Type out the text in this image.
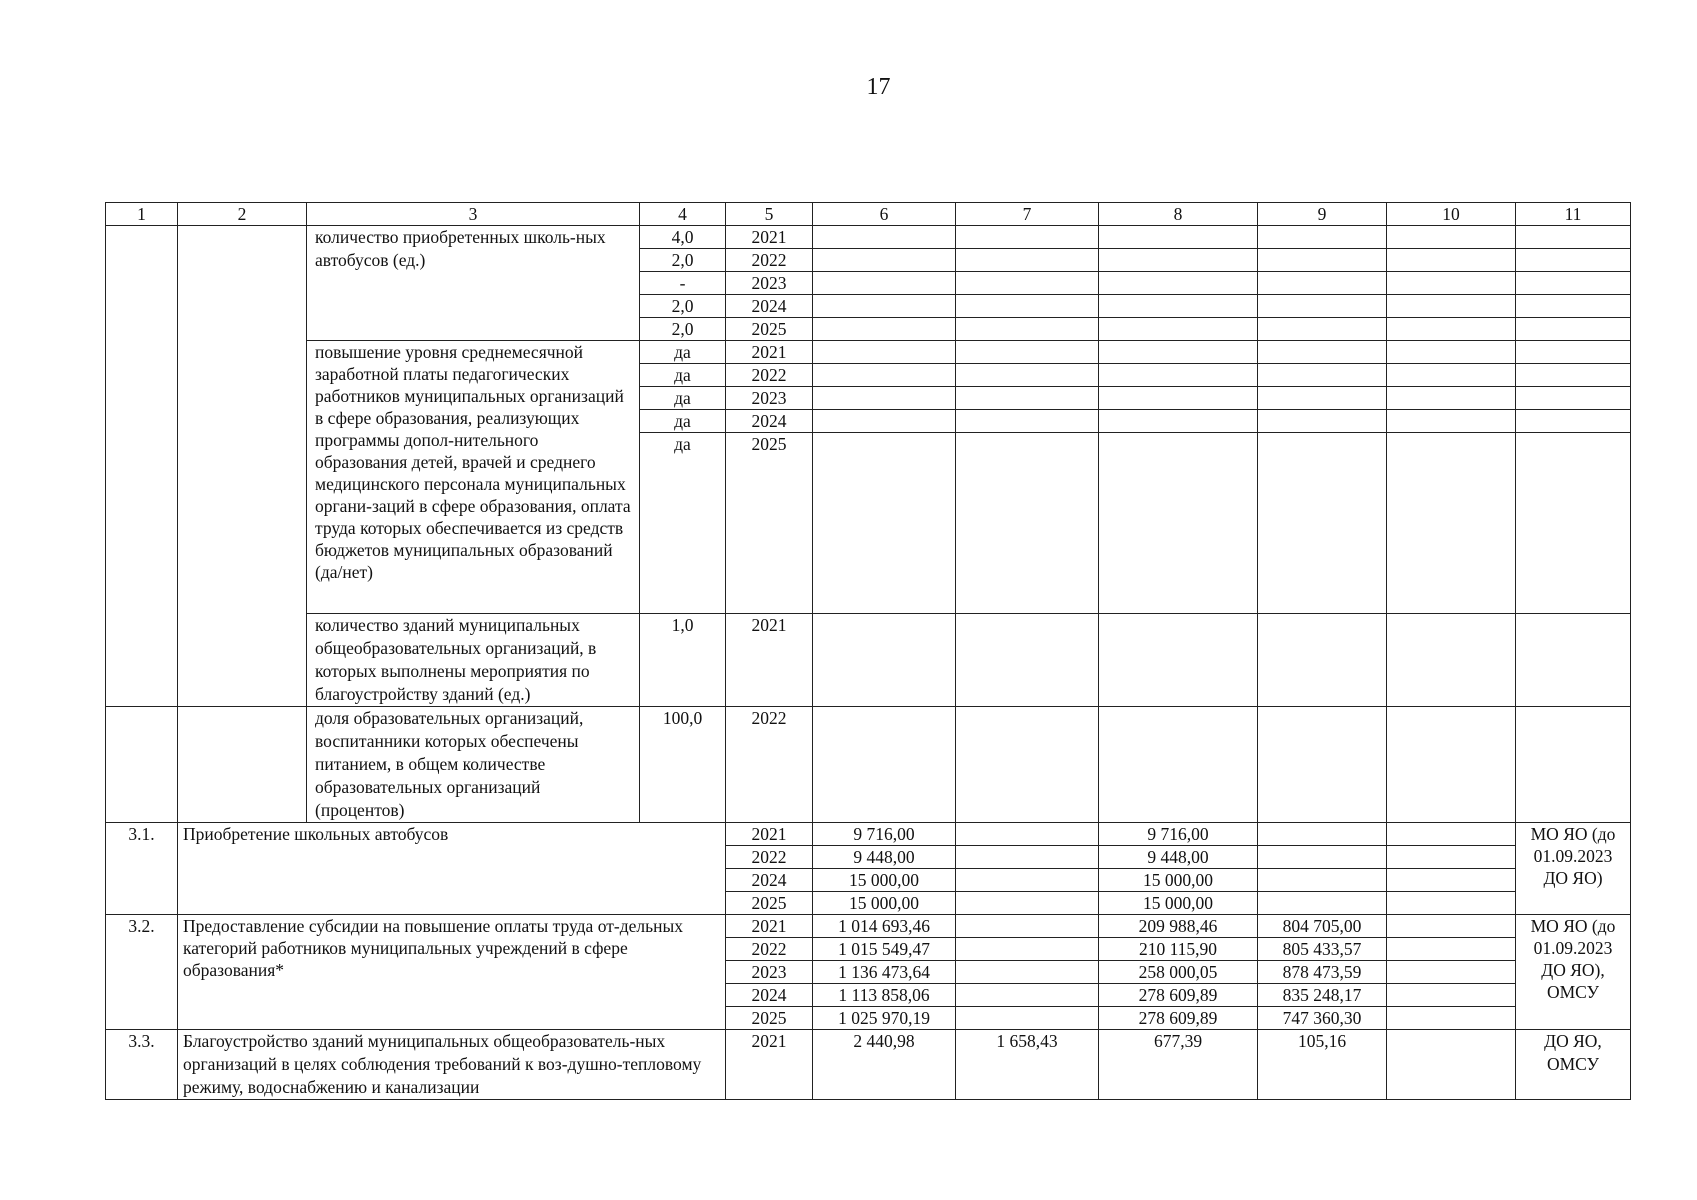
17
1	2	3	4	5	6	7	8	9	10	11
		количество приобретенных школь-ных автобусов (ед.)	4,0	2021						
			2,0	2022						
			-	2023						
			2,0	2024						
			2,0	2025						
		повышение уровня среднемесячной заработной платы педагогических работников муниципальных организаций в сфере образования, реализующих программы допол-нительного образования детей, врачей и среднего медицинского персонала муниципальных органи-заций в сфере образования, оплата труда которых обеспечивается из средств бюджетов муниципальных образований (да/нет)	да	2021						
			да	2022						
			да	2023						
			да	2024						
			да	2025						
		количество зданий муниципальных общеобразовательных организаций, в которых выполнены мероприятия по благоустройству зданий (ед.)	1,0	2021						
		доля образовательных организаций, воспитанники которых обеспечены питанием, в общем количестве образовательных организаций (процентов)	100,0	2022						
3.1.	Приобретение школьных автобусов			2021	9 716,00		9 716,00			МО ЯО (до 01.09.2023 ДО ЯО)
				2022	9 448,00		9 448,00			
				2024	15 000,00		15 000,00			
				2025	15 000,00		15 000,00			
3.2.	Предоставление субсидии на повышение оплаты труда от-дельных категорий работников муниципальных учреждений в сфере образования*			2021	1 014 693,46		209 988,46	804 705,00		МО ЯО (до 01.09.2023 ДО ЯО), ОМСУ
				2022	1 015 549,47		210 115,90	805 433,57		
				2023	1 136 473,64		258 000,05	878 473,59		
				2024	1 113 858,06		278 609,89	835 248,17		
				2025	1 025 970,19		278 609,89	747 360,30		
3.3.	Благоустройство зданий муниципальных общеобразователь-ных организаций в целях соблюдения требований к воз-душно-тепловому режиму, водоснабжению и канализации			2021	2 440,98	1 658,43	677,39	105,16		ДО ЯО, ОМСУ
